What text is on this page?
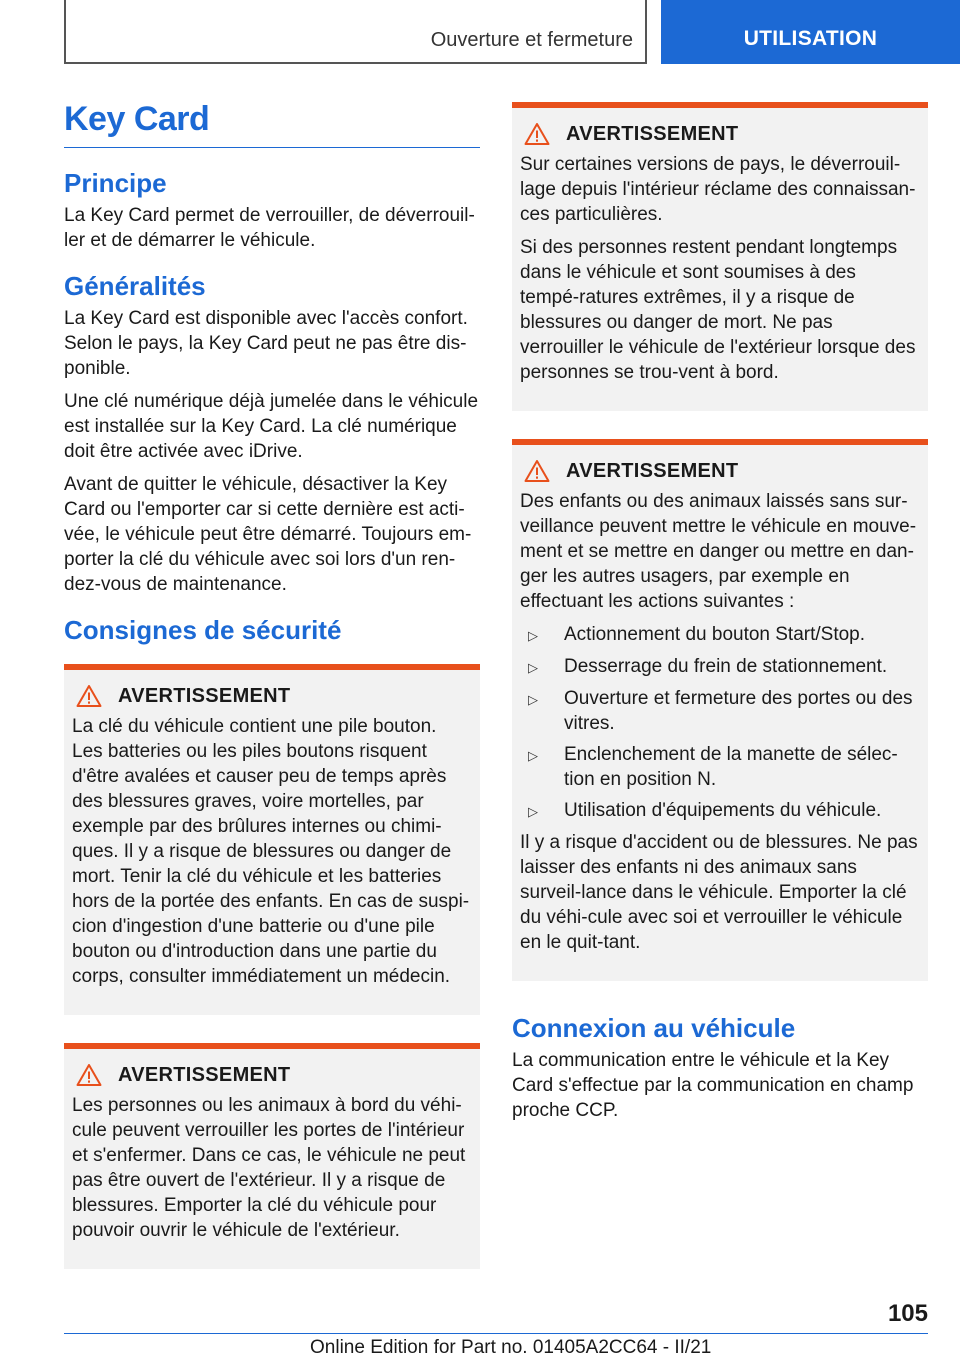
Ouverture et fermeture	UTILISATION
Key Card
Principe

La Key Card permet de verrouiller, de déverrouil-ler et de démarrer le véhicule.

Généralités

La Key Card est disponible avec l'accès confort. Selon le pays, la Key Card peut ne pas être dis-ponible.

Une clé numérique déjà jumelée dans le véhicule est installée sur la Key Card. La clé numérique doit être activée avec iDrive.

Avant de quitter le véhicule, désactiver la Key Card ou l'emporter car si cette dernière est acti-vée, le véhicule peut être démarré. Toujours em-porter la clé du véhicule avec soi lors d'un ren-dez-vous de maintenance.

Consignes de sécurité
AVERTISSEMENT

La clé du véhicule contient une pile bouton. Les batteries ou les piles boutons risquent d'être avalées et causer peu de temps après des blessures graves, voire mortelles, par exemple par des brûlures internes ou chimi-ques. Il y a risque de blessures ou danger de mort. Tenir la clé du véhicule et les batteries hors de la portée des enfants. En cas de suspi-cion d'ingestion d'une batterie ou d'une pile bouton ou d'introduction dans une partie du corps, consulter immédiatement un médecin.

AVERTISSEMENT

Les personnes ou les animaux à bord du véhi-cule peuvent verrouiller les portes de l'intérieur et s'enfermer. Dans ce cas, le véhicule ne peut pas être ouvert de l'extérieur. Il y a risque de blessures. Emporter la clé du véhicule pour pouvoir ouvrir le véhicule de l'extérieur.

AVERTISSEMENT

Sur certaines versions de pays, le déverrouil-lage depuis l'intérieur réclame des connaissan-ces particulières.

Si des personnes restent pendant longtemps dans le véhicule et sont soumises à des tempé-ratures extrêmes, il y a risque de blessures ou danger de mort. Ne pas verrouiller le véhicule de l'extérieur lorsque des personnes se trou-vent à bord.

AVERTISSEMENT

Des enfants ou des animaux laissés sans sur-veillance peuvent mettre le véhicule en mouve-ment et se mettre en danger ou mettre en dan-ger les autres usagers, par exemple en effectuant les actions suivantes :

▷	Actionnement du bouton Start/Stop.
▷	Desserrage du frein de stationnement.
▷	Ouverture et fermeture des portes ou des vitres.
▷	Enclenchement de la manette de sélec-tion en position N.
▷	Utilisation d'équipements du véhicule.

Il y a risque d'accident ou de blessures. Ne pas laisser des enfants ni des animaux sans surveil-lance dans le véhicule. Emporter la clé du véhi-cule avec soi et verrouiller le véhicule en le quit-tant.

Connexion au véhicule

La communication entre le véhicule et la Key Card s'effectue par la communication en champ proche CCP.

105
Online Edition for Part no. 01405A2CC64 - II/21
